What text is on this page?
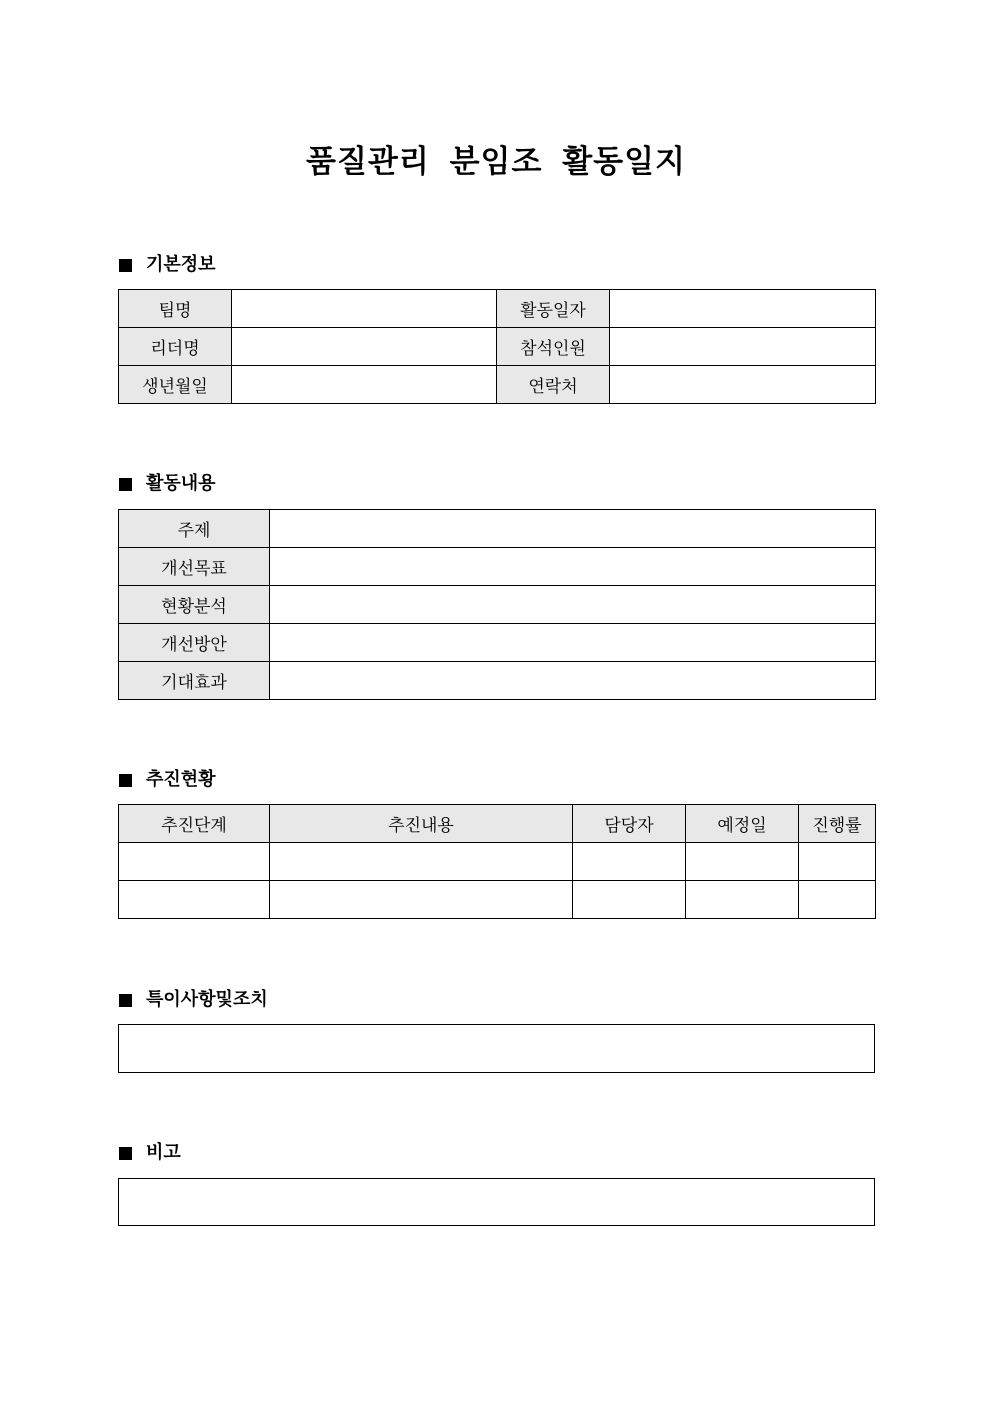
품질관리 분임조 활동일지
기본정보
팀명		활동일자	
리더명		참석인원	
생년월일		연락처	
활동내용
주제	
개선목표	
현황분석	
개선방안	
기대효과	
추진현황
추진단계	추진내용	담당자	예정일	진행률

특이사항및조치
비고
